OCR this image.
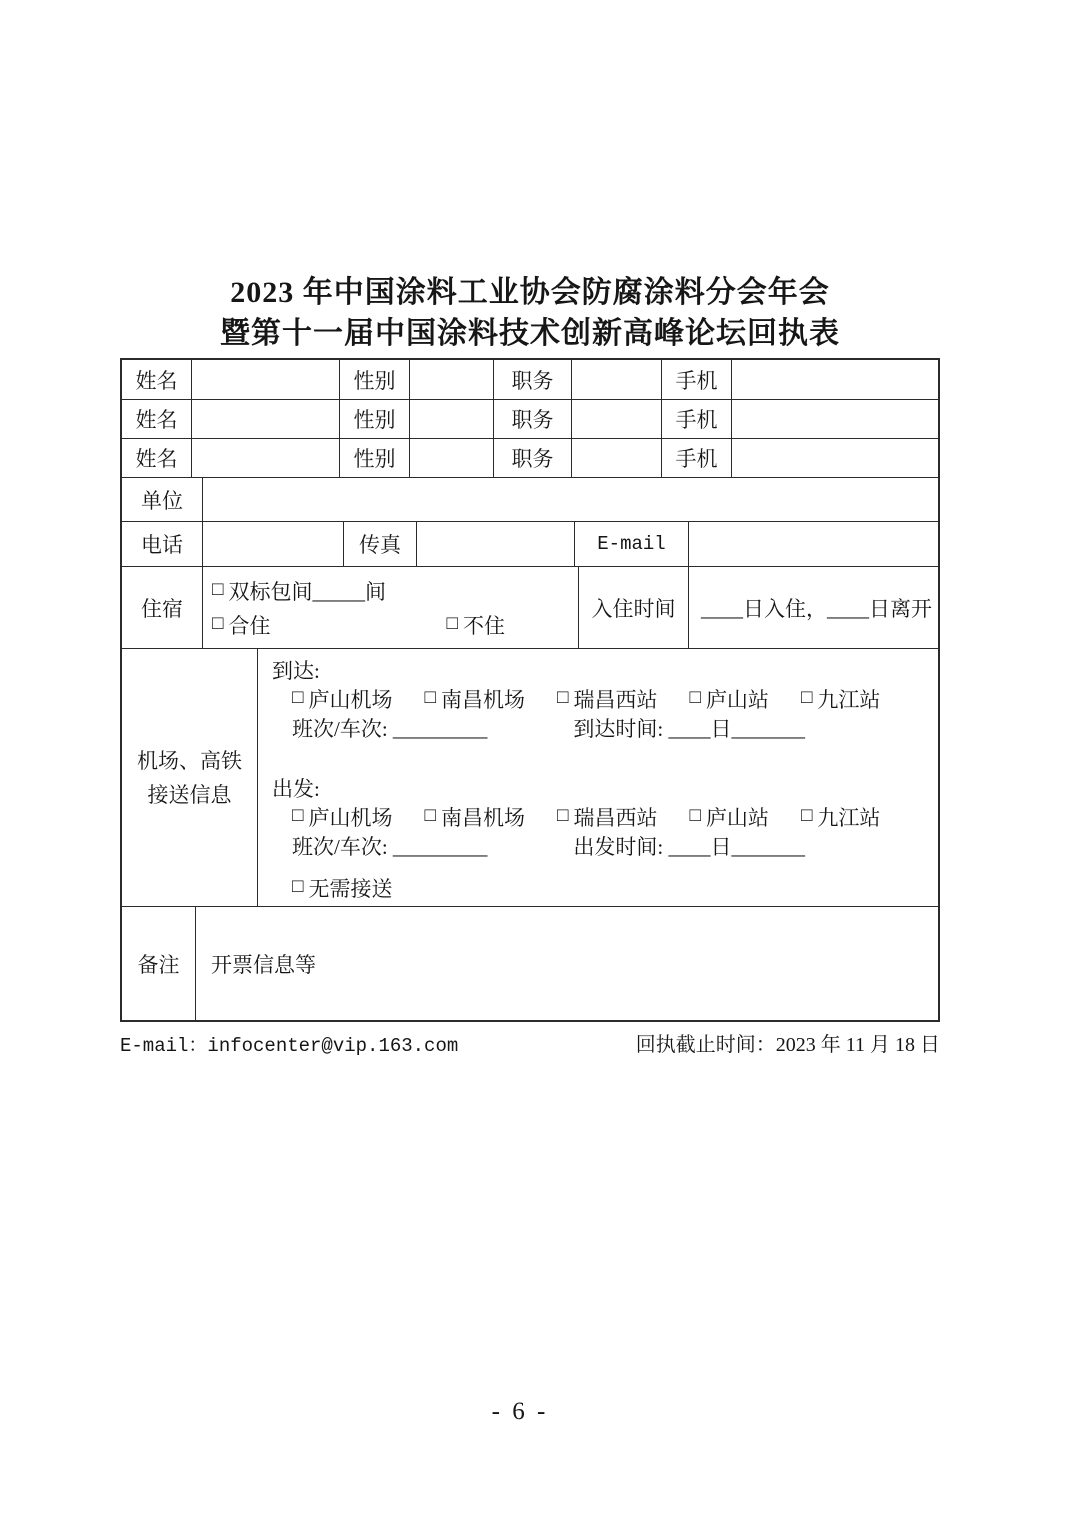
2023 年中国涂料工业协会防腐涂料分会年会
暨第十一届中国涂料技术创新高峰论坛回执表
姓名	性别	职务	手机
姓名	性别	职务	手机
姓名	性别	职务	手机
单位
电话	传真	E-mail
住宿
□ 双标包间_____间
□ 合住	□ 不住
入住时间	____日入住，____日离开
机场、高铁
接送信息
到达:
□ 庐山机场 □ 南昌机场 □ 瑞昌西站 □ 庐山站 □ 九江站
班次/车次: _________	到达时间: ____日_______
出发:
□ 庐山机场 □ 南昌机场 □ 瑞昌西站 □ 庐山站 □ 九江站
班次/车次: _________	出发时间: ____日_______
□ 无需接送
备注	开票信息等
E-mail：infocenter@vip.163.com	回执截止时间：2023 年 11 月 18 日
- 6 -
